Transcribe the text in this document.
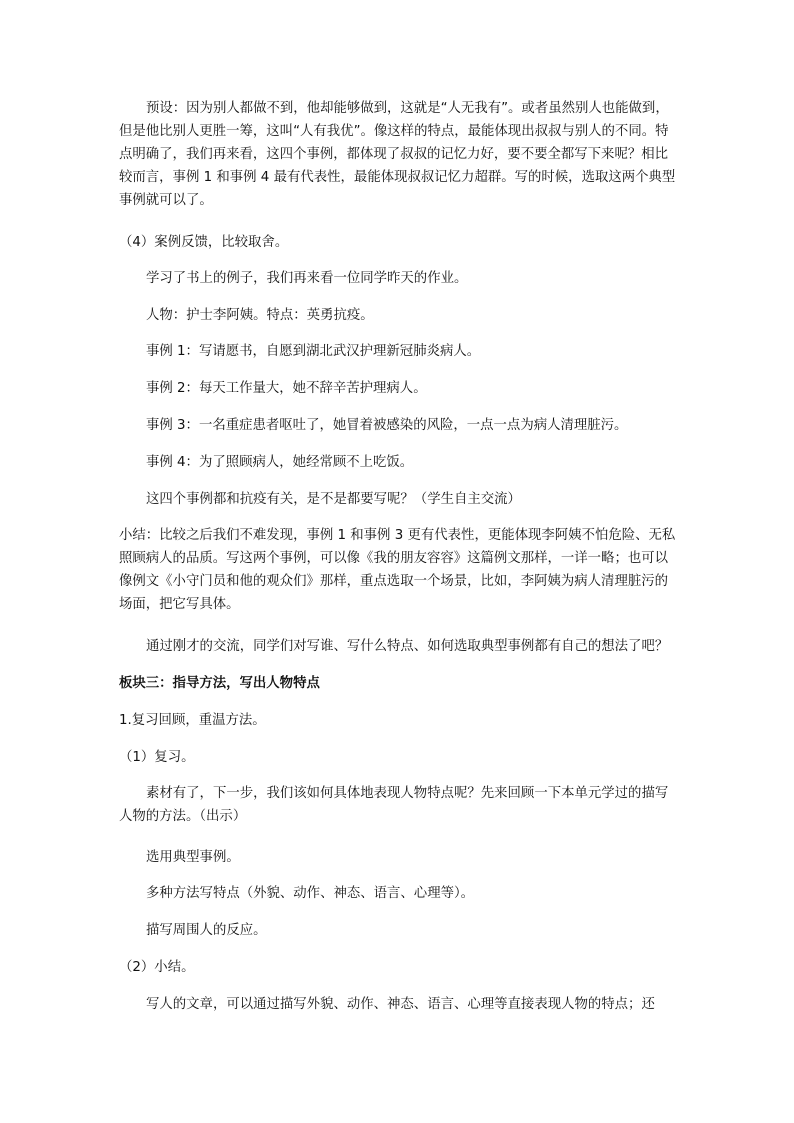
预设：因为别人都做不到，他却能够做到，这就是“人无我有”。或者虽然别人也能做到，但是他比别人更胜一筹，这叫“人有我优”。像这样的特点，最能体现出叔叔与别人的不同。特点明确了，我们再来看，这四个事例，都体现了叔叔的记忆力好，要不要全都写下来呢？相比较而言，事例 1 和事例 4 最有代表性，最能体现叔叔记忆力超群。写的时候，选取这两个典型事例就可以了。

（4）案例反馈，比较取舍。

学习了书上的例子，我们再来看一位同学昨天的作业。

人物：护士李阿姨。特点：英勇抗疫。

事例 1：写请愿书，自愿到湖北武汉护理新冠肺炎病人。

事例 2：每天工作量大，她不辞辛苦护理病人。

事例 3：一名重症患者呕吐了，她冒着被感染的风险，一点一点为病人清理脏污。

事例 4：为了照顾病人，她经常顾不上吃饭。

这四个事例都和抗疫有关，是不是都要写呢？（学生自主交流）

小结：比较之后我们不难发现，事例 1 和事例 3 更有代表性，更能体现李阿姨不怕危险、无私照顾病人的品质。写这两个事例，可以像《我的朋友容容》这篇例文那样，一详一略；也可以像例文《小守门员和他的观众们》那样，重点选取一个场景，比如，李阿姨为病人清理脏污的场面，把它写具体。

通过刚才的交流，同学们对写谁、写什么特点、如何选取典型事例都有自己的想法了吧？

板块三：指导方法，写出人物特点

1.复习回顾，重温方法。

（1）复习。

素材有了，下一步，我们该如何具体地表现人物特点呢？先来回顾一下本单元学过的描写人物的方法。（出示）

选用典型事例。

多种方法写特点（外貌、动作、神态、语言、心理等）。

描写周围人的反应。

（2）小结。

写人的文章，可以通过描写外貌、动作、神态、语言、心理等直接表现人物的特点；还
